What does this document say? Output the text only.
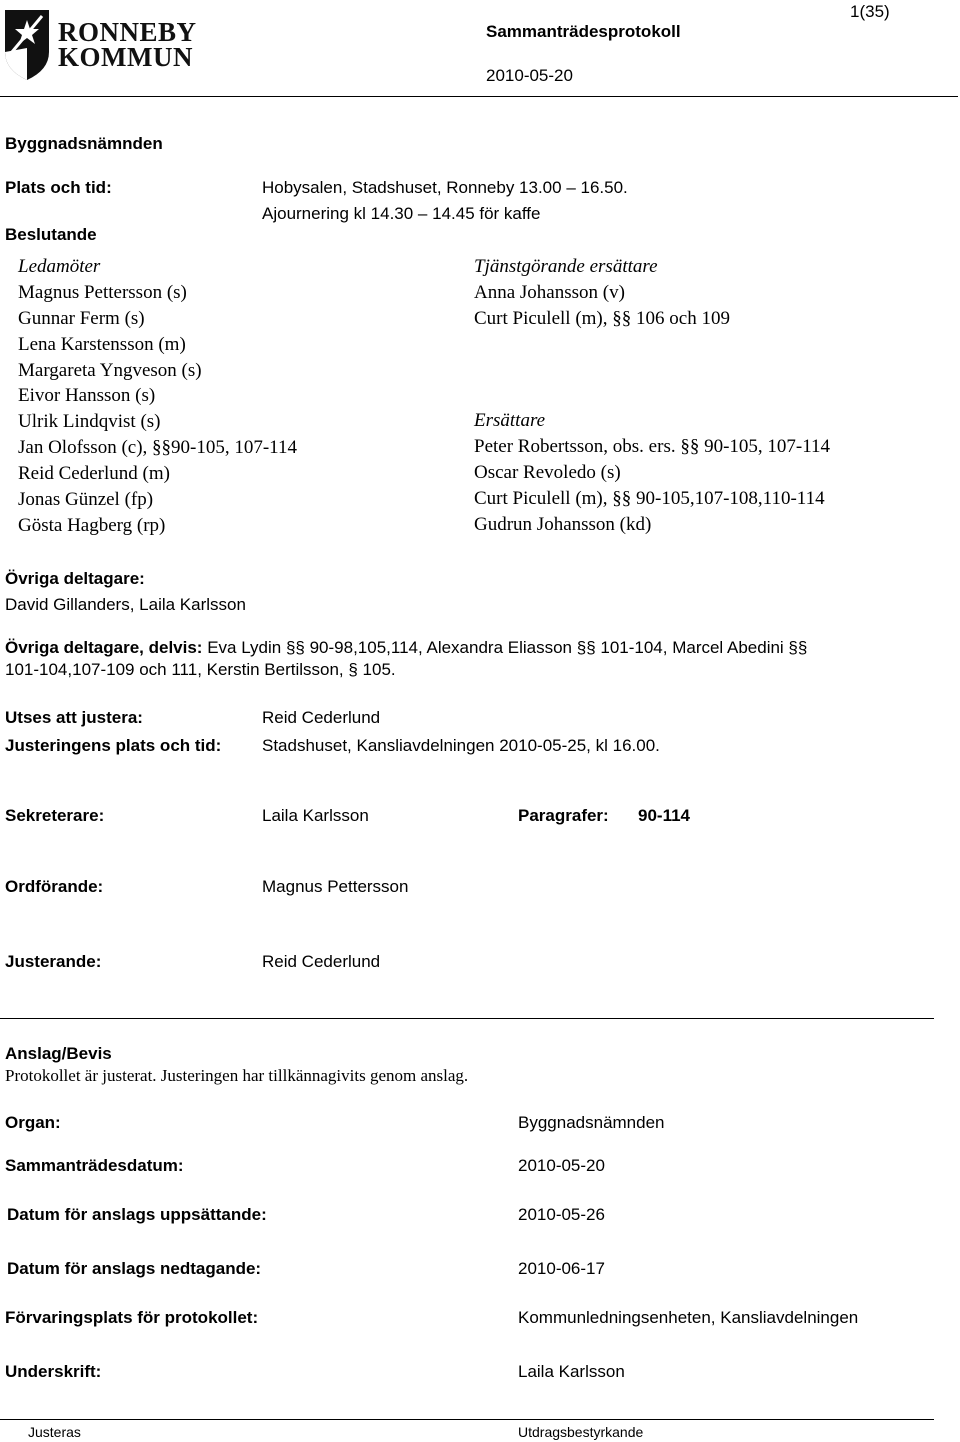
RONNEBY
KOMMUN
1(35)
Sammanträdesprotokoll
2010-05-20
Byggnadsnämnden
Plats och tid:	Hobysalen, Stadshuset, Ronneby 13.00 – 16.50.
Ajournering kl 14.30 – 14.45 för kaffe
Beslutande
Ledamöter
Magnus Pettersson (s)
Gunnar Ferm (s)
Lena Karstensson (m)
Margareta Yngveson (s)
Eivor Hansson (s)
Ulrik Lindqvist (s)
Jan Olofsson (c), §§90-105, 107-114
Reid Cederlund (m)
Jonas Günzel (fp)
Gösta Hagberg (rp)
Tjänstgörande ersättare
Anna Johansson (v)
Curt Piculell (m), §§ 106 och 109
Ersättare
Peter Robertsson, obs. ers. §§ 90-105, 107-114
Oscar Revoledo (s)
Curt Piculell (m), §§ 90-105,107-108,110-114
Gudrun Johansson (kd)
Övriga deltagare:
David Gillanders, Laila Karlsson
Övriga deltagare, delvis: Eva Lydin §§ 90-98,105,114, Alexandra Eliasson §§ 101-104, Marcel Abedini §§
101-104,107-109 och 111, Kerstin Bertilsson, § 105.
Utses att justera:	Reid Cederlund
Justeringens plats och tid: Stadshuset, Kansliavdelningen 2010-05-25, kl 16.00.
Sekreterare:	Laila Karlsson	Paragrafer: 90-114
Ordförande:	Magnus Pettersson
Justerande:	Reid Cederlund
Anslag/Bevis
Protokollet är justerat. Justeringen har tillkännagivits genom anslag.
Organ:	Byggnadsnämnden
Sammanträdesdatum:	2010-05-20
Datum för anslags uppsättande:	2010-05-26
Datum för anslags nedtagande:	2010-06-17
Förvaringsplats för protokollet:	Kommunledningsenheten, Kansliavdelningen
Underskrift:	Laila Karlsson
Justeras	Utdragsbestyrkande
